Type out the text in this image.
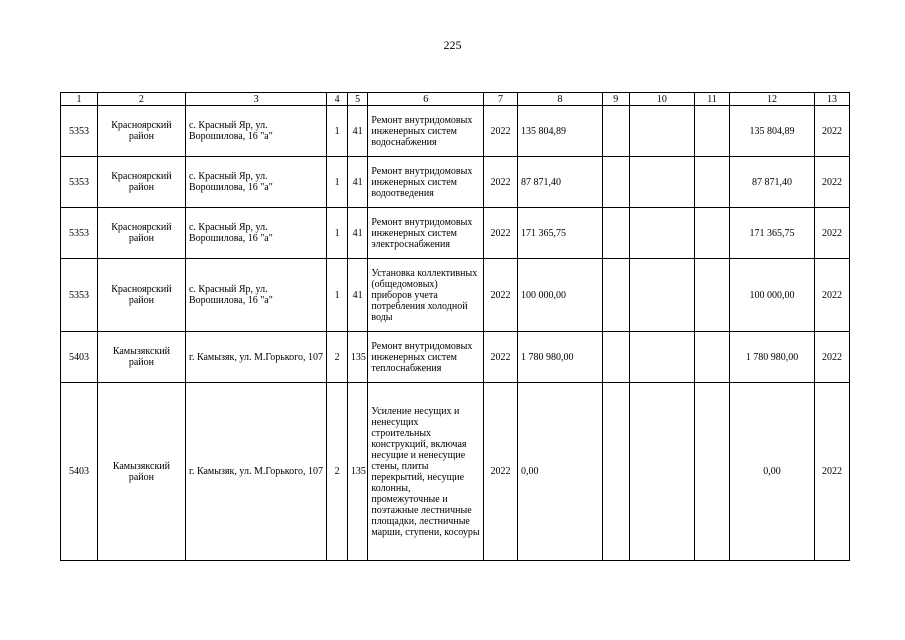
225
1	2	3	4	5	6	7	8	9	10	11	12	13
5353	Красноярский район	с. Красный Яр, ул. Ворошилова, 16 "а"	1	41	Ремонт внутридомовых инженерных систем водоснабжения	2022	135 804,89				135 804,89	2022
5353	Красноярский район	с. Красный Яр, ул. Ворошилова, 16 "а"	1	41	Ремонт внутридомовых инженерных систем водоотведения	2022	87 871,40				87 871,40	2022
5353	Красноярский район	с. Красный Яр, ул. Ворошилова, 16 "а"	1	41	Ремонт внутридомовых инженерных систем электроснабжения	2022	171 365,75				171 365,75	2022
5353	Красноярский район	с. Красный Яр, ул. Ворошилова, 16 "а"	1	41	Установка коллективных (общедомовых) приборов учета потребления холодной воды	2022	100 000,00				100 000,00	2022
5403	Камызякский район	г. Камызяк, ул. М.Горького, 107	2	135	Ремонт внутридомовых инженерных систем теплоснабжения	2022	1 780 980,00				1 780 980,00	2022
5403	Камызякский район	г. Камызяк, ул. М.Горького, 107	2	135	Усиление несущих и ненесущих строительных конструкций, включая несущие и ненесущие стены, плиты перекрытий, несущие колонны, промежуточные и поэтажные лестничные площадки, лестничные марши, ступени, косоуры	2022	0,00				0,00	2022
